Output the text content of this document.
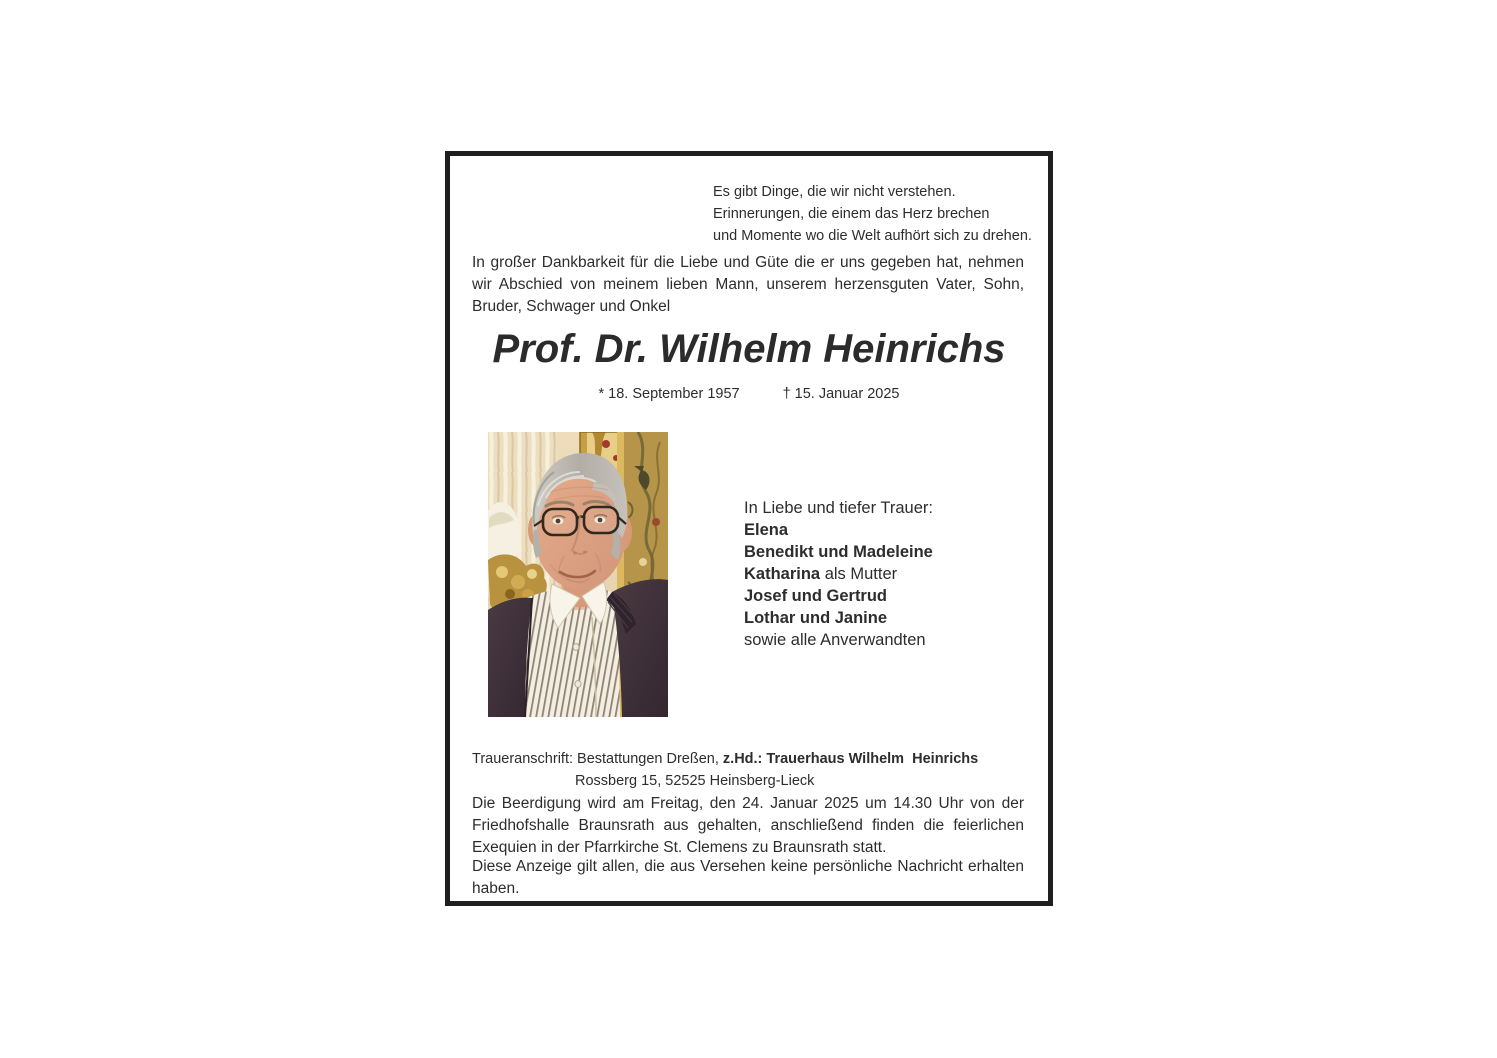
Es gibt Dinge, die wir nicht verstehen.
Erinnerungen, die einem das Herz brechen
und Momente wo die Welt aufhört sich zu drehen.

In großer Dankbarkeit für die Liebe und Güte die er uns gegeben hat, nehmen wir Abschied von meinem lieben Mann, unserem herzensguten Vater, Sohn, Bruder, Schwager und Onkel

Prof. Dr. Wilhelm Heinrichs
* 18. September 1957	† 15. Januar 2025
In Liebe und tiefer Trauer:
Elena
Benedikt und Madeleine
Katharina als Mutter
Josef und Gertrud
Lothar und Janine
sowie alle Anverwandten
Traueranschrift: Bestattungen Dreßen, z.Hd.: Trauerhaus Wilhelm  Heinrichs
Rossberg 15, 52525 Heinsberg-Lieck

Die Beerdigung wird am Freitag, den 24. Januar 2025 um 14.30 Uhr von der Friedhofshalle Braunsrath aus gehalten, anschließend finden die feierlichen Exequien in der Pfarrkirche St. Clemens zu Braunsrath statt.

Diese Anzeige gilt allen, die aus Versehen keine persönliche Nachricht erhalten haben.
